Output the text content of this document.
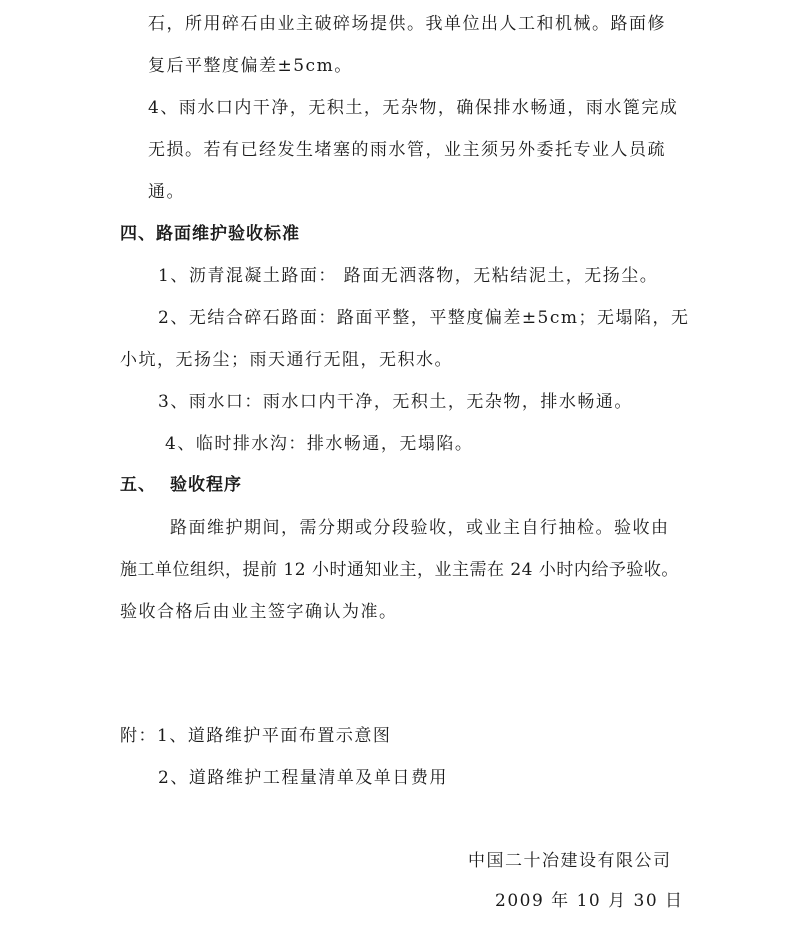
石，所用碎石由业主破碎场提供。我单位出人工和机械。路面修
复后平整度偏差±5cm。
4、雨水口内干净，无积土，无杂物，确保排水畅通，雨水篦完成
无损。若有已经发生堵塞的雨水管，业主须另外委托专业人员疏
通。
四、路面维护验收标准
1、沥青混凝土路面： 路面无洒落物，无粘结泥土，无扬尘。
2、无结合碎石路面：路面平整，平整度偏差±5cm；无塌陷，无
小坑，无扬尘；雨天通行无阻，无积水。
3、雨水口：雨水口内干净，无积土，无杂物，排水畅通。
4、临时排水沟：排水畅通，无塌陷。
五、 验收程序
路面维护期间，需分期或分段验收，或业主自行抽检。验收由
施工单位组织，提前 12 小时通知业主，业主需在 24 小时内给予验收。
验收合格后由业主签字确认为准。
附：1、道路维护平面布置示意图
2、道路维护工程量清单及单日费用
中国二十冶建设有限公司
2009 年 10 月 30 日
